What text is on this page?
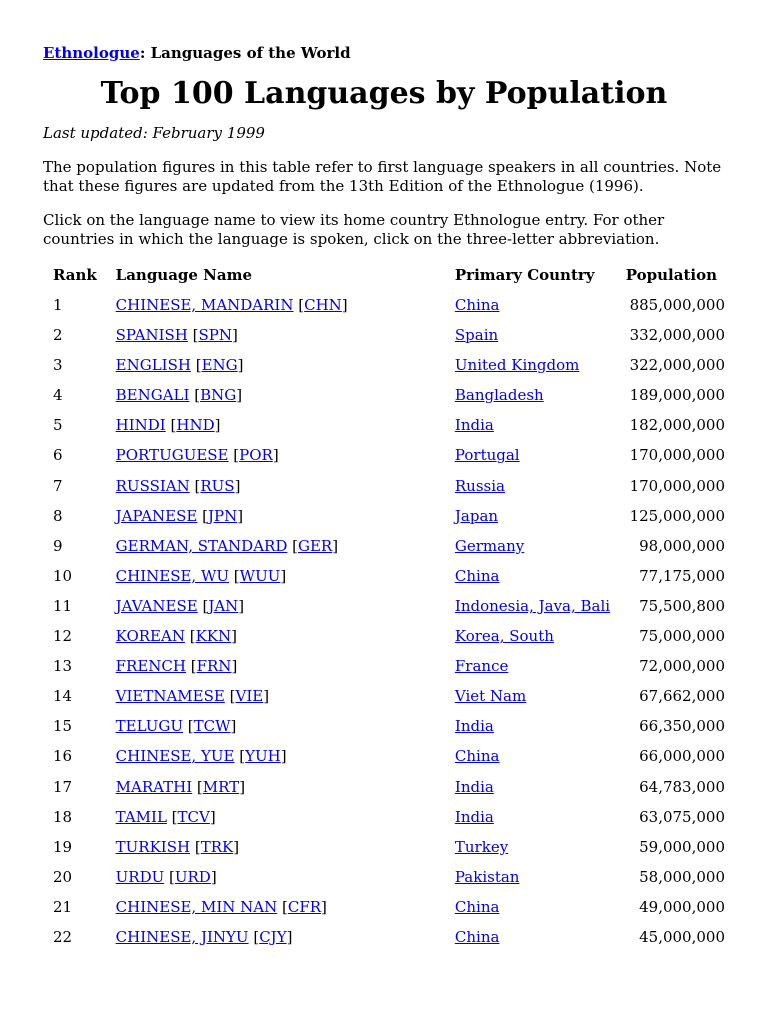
Ethnologue: Languages of the World
Top 100 Languages by Population
Last updated: February 1999

The population figures in this table refer to first language speakers in all countries. Note that these figures are updated from the 13th Edition of the Ethnologue (1996).

Click on the language name to view its home country Ethnologue entry. For other countries in which the language is spoken, click on the three-letter abbreviation.

Rank	Language Name	Primary Country	Population
1	CHINESE, MANDARIN [CHN]	China	885,000,000
2	SPANISH [SPN]	Spain	332,000,000
3	ENGLISH [ENG]	United Kingdom	322,000,000
4	BENGALI [BNG]	Bangladesh	189,000,000
5	HINDI [HND]	India	182,000,000
6	PORTUGUESE [POR]	Portugal	170,000,000
7	RUSSIAN [RUS]	Russia	170,000,000
8	JAPANESE [JPN]	Japan	125,000,000
9	GERMAN, STANDARD [GER]	Germany	98,000,000
10	CHINESE, WU [WUU]	China	77,175,000
11	JAVANESE [JAN]	Indonesia, Java, Bali	75,500,800
12	KOREAN [KKN]	Korea, South	75,000,000
13	FRENCH [FRN]	France	72,000,000
14	VIETNAMESE [VIE]	Viet Nam	67,662,000
15	TELUGU [TCW]	India	66,350,000
16	CHINESE, YUE [YUH]	China	66,000,000
17	MARATHI [MRT]	India	64,783,000
18	TAMIL [TCV]	India	63,075,000
19	TURKISH [TRK]	Turkey	59,000,000
20	URDU [URD]	Pakistan	58,000,000
21	CHINESE, MIN NAN [CFR]	China	49,000,000
22	CHINESE, JINYU [CJY]	China	45,000,000
